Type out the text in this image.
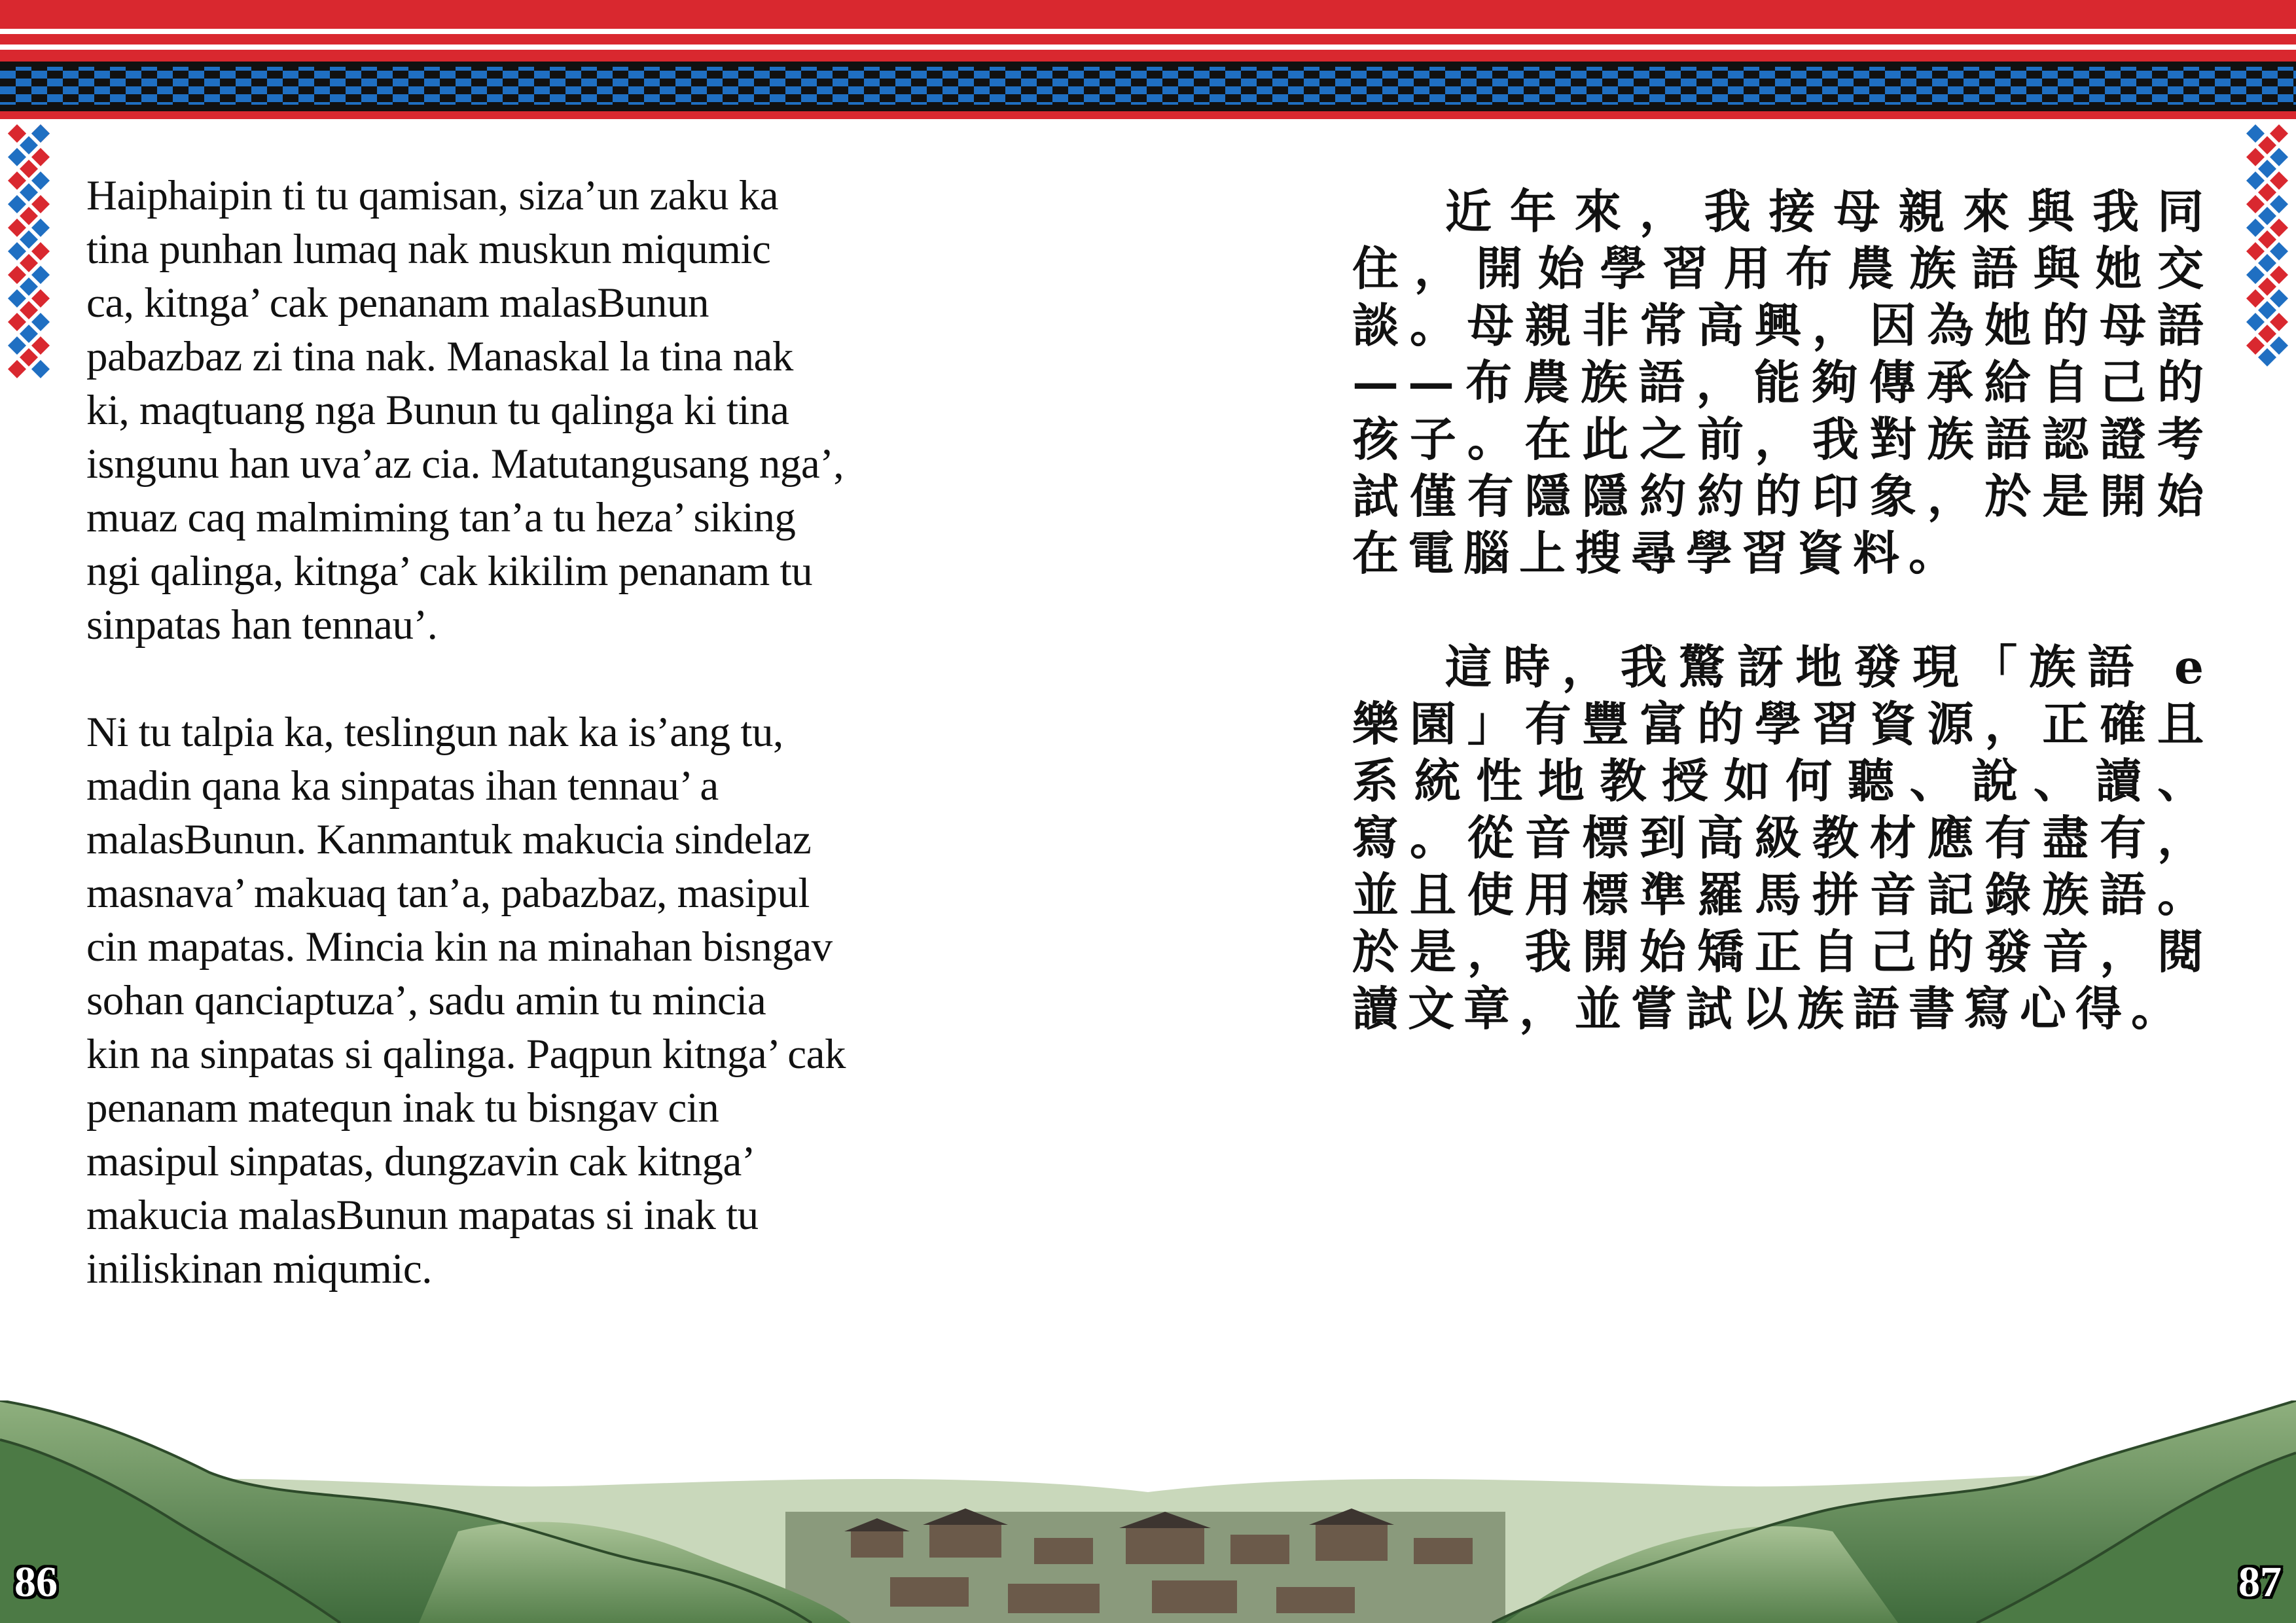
Haiphaipin ti tu qamisan, siza’un zaku ka
tina punhan lumaq nak muskun miqumic
ca, kitnga’ cak penanam malasBunun
pabazbaz zi tina nak. Manaskal la tina nak
ki, maqtuang nga Bunun tu qalinga ki tina
isngunu han uva’az cia. Matutangusang nga’,
muaz caq malmiming tan’a tu heza’ siking
ngi qalinga, kitnga’ cak kikilim penanam tu
sinpatas han tennau’.

Ni tu talpia ka, teslingun nak ka is’ang tu,
madin qana ka sinpatas ihan tennau’ a
malasBunun. Kanmantuk makucia sindelaz
masnava’ makuaq tan’a, pabazbaz, masipul
cin mapatas. Mincia kin na minahan bisngav
sohan qanciaptuza’, sadu amin tu mincia
kin na sinpatas si qalinga. Paqpun kitnga’ cak
penanam matequn inak tu bisngav cin
masipul sinpatas, dungzavin cak kitnga’
makucia malasBunun mapatas si inak tu
iniliskinan miqumic.

近年來，我接母親來與我同住，開始學習用布農族語與她交談。母親非常高興，因為她的母語——布農族語，能夠傳承給自己的孩子。在此之前，我對族語認證考試僅有隱隱約約的印象，於是開始在電腦上搜尋學習資料。

這時，我驚訝地發現「族語 e 樂園」有豐富的學習資源，正確且系統性地教授如何聽、說、讀、寫。從音標到高級教材應有盡有，並且使用標準羅馬拼音記錄族語。於是，我開始矯正自己的發音，閱讀文章，並嘗試以族語書寫心得。

86	87
